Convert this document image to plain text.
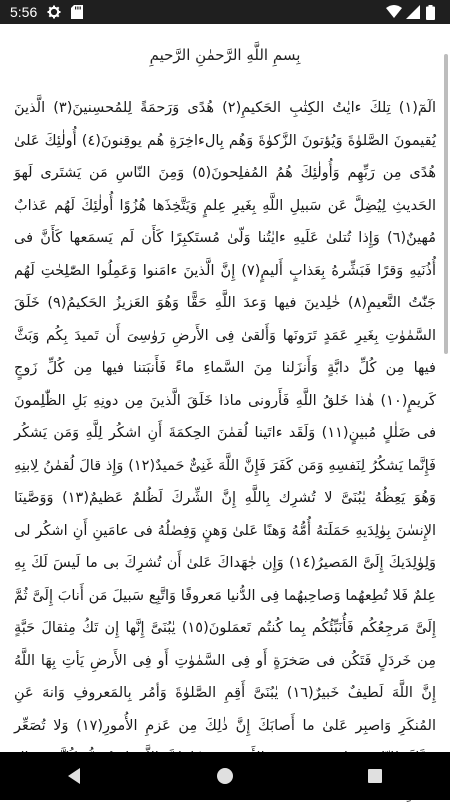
5:56
بِسمِ اللَّهِ الرَّحمٰنِ الرَّحيمِ

الٓمٓ(١) تِلكَ ءايٰتُ الكِتٰبِ الحَكيمِ(٢) هُدًى وَرَحمَةً لِلمُحسِنينَ(٣) الَّذينَ يُقيمونَ الصَّلوٰةَ وَيُؤتونَ الزَّكوٰةَ وَهُم بِالءاخِرَةِ هُم يوقِنونَ(٤) أُولٰئِكَ عَلىٰ هُدًى مِن رَبِّهِم وَأُولٰئِكَ هُمُ المُفلِحونَ(٥) وَمِنَ النّاسِ مَن يَشتَرى لَهوَ الحَديثِ لِيُضِلَّ عَن سَبيلِ اللَّهِ بِغَيرِ عِلمٍ وَيَتَّخِذَها هُزُوًا أُولٰئِكَ لَهُم عَذابٌ مُهينٌ(٦) وَإِذا تُتلىٰ عَلَيهِ ءايٰتُنا وَلّىٰ مُستَكبِرًا كَأَن لَم يَسمَعها كَأَنَّ فى أُذُنَيهِ وَقرًا فَبَشِّرهُ بِعَذابٍ أَليمٍ(٧) إِنَّ الَّذينَ ءامَنوا وَعَمِلُوا الصّٰلِحٰتِ لَهُم جَنّٰتُ النَّعيمِ(٨) خٰلِدينَ فيها وَعدَ اللَّهِ حَقًّا وَهُوَ العَزيزُ الحَكيمُ(٩) خَلَقَ السَّمٰوٰتِ بِغَيرِ عَمَدٍ تَرَونَها وَأَلقىٰ فِى الأَرضِ رَوٰسِىَ أَن تَميدَ بِكُم وَبَثَّ فيها مِن كُلِّ دابَّةٍ وَأَنزَلنا مِنَ السَّماءِ ماءً فَأَنبَتنا فيها مِن كُلِّ زَوجٍ كَريمٍ(١٠) هٰذا خَلقُ اللَّهِ فَأَرونى ماذا خَلَقَ الَّذينَ مِن دونِهِ بَلِ الظّٰلِمونَ فى ضَلٰلٍ مُبينٍ(١١) وَلَقَد ءاتَينا لُقمٰنَ الحِكمَةَ أَنِ اشكُر لِلَّهِ وَمَن يَشكُر فَإِنَّما يَشكُرُ لِنَفسِهِ وَمَن كَفَرَ فَإِنَّ اللَّهَ غَنِىٌّ حَميدٌ(١٢) وَإِذ قالَ لُقمٰنُ لِابنِهِ وَهُوَ يَعِظُهُ يٰبُنَىَّ لا تُشرِك بِاللَّهِ إِنَّ الشِّركَ لَظُلمٌ عَظيمٌ(١٣) وَوَصَّينَا الإِنسٰنَ بِوٰلِدَيهِ حَمَلَتهُ أُمُّهُ وَهنًا عَلىٰ وَهنٍ وَفِصٰلُهُ فى عامَينِ أَنِ اشكُر لى وَلِوٰلِدَيكَ إِلَىَّ المَصيرُ(١٤) وَإِن جٰهَداكَ عَلىٰ أَن تُشرِكَ بى ما لَيسَ لَكَ بِهِ عِلمٌ فَلا تُطِعهُما وَصاحِبهُما فِى الدُّنيا مَعروفًا وَاتَّبِع سَبيلَ مَن أَنابَ إِلَىَّ ثُمَّ إِلَىَّ مَرجِعُكُم فَأُنَبِّئُكُم بِما كُنتُم تَعمَلونَ(١٥) يٰبُنَىَّ إِنَّها إِن تَكُ مِثقالَ حَبَّةٍ مِن خَردَلٍ فَتَكُن فى صَخرَةٍ أَو فِى السَّمٰوٰتِ أَو فِى الأَرضِ يَأتِ بِهَا اللَّهُ إِنَّ اللَّهَ لَطيفٌ خَبيرٌ(١٦) يٰبُنَىَّ أَقِمِ الصَّلوٰةَ وَأمُر بِالمَعروفِ وَانهَ عَنِ المُنكَرِ وَاصبِر عَلىٰ ما أَصابَكَ إِنَّ ذٰلِكَ مِن عَزمِ الأُمورِ(١٧) وَلا تُصَعِّر
